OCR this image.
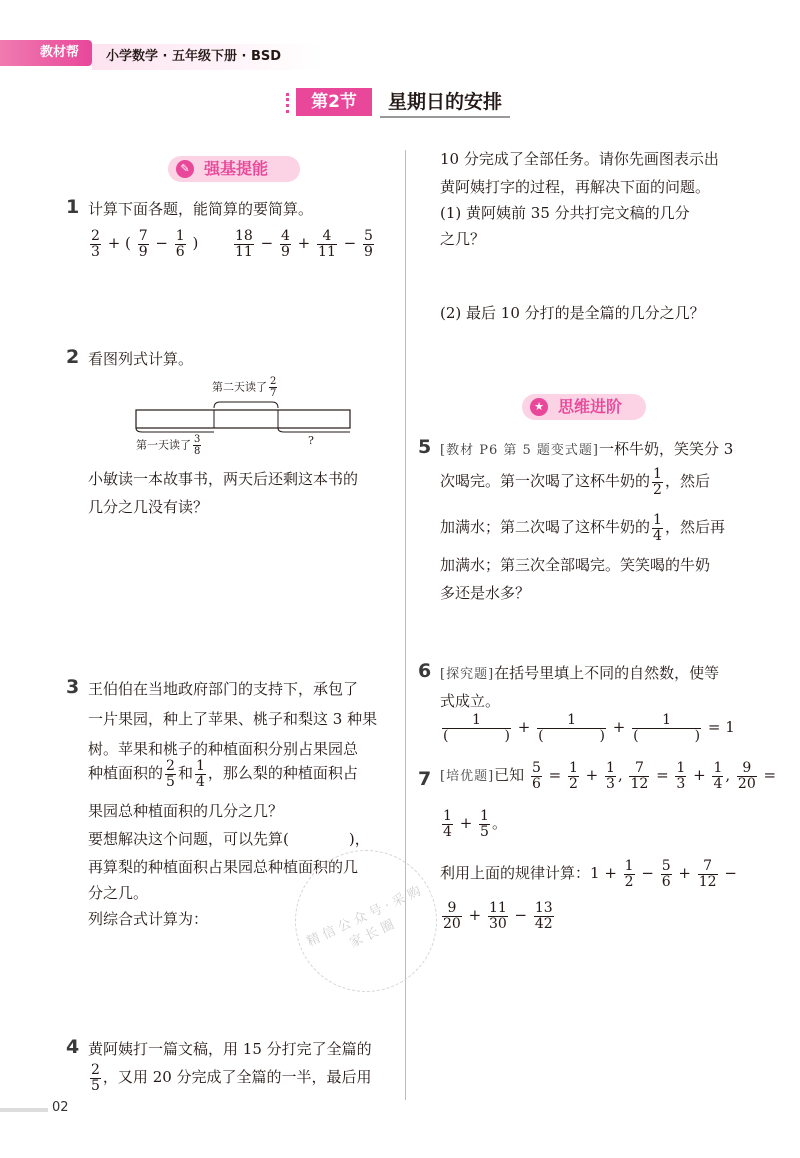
教材帮	小学数学 · 五年级下册 · BSD
第2节	星期日的安排
✎ 强基提能
1 计算下面各题，能简算的要简算。
$\frac{2}{3}$ + ( $\frac{7}{9} - \frac{1}{6}$ )	$\frac{18}{11} - \frac{4}{9} + \frac{4}{11} - \frac{5}{9}$
2 看图列式计算。
第二天读了 $\frac{2}{7}$
第一天读了 $\frac{3}{8}$	?
小敏读一本故事书，两天后还剩这本书的
几分之几没有读？
3 王伯伯在当地政府部门的支持下，承包了
一片果园，种上了苹果、桃子和梨这 3 种果
树。苹果和桃子的种植面积分别占果园总
种植面积的 $\frac{2}{5}$ 和 $\frac{1}{4}$ ，那么梨的种植面积占
果园总种植面积的几分之几？
要想解决这个问题，可以先算(　　　　)，
再算梨的种植面积占果园总种植面积的几
分之几。
列综合式计算为：	精 信 公 众 号 · 采 购 家 长 圈
4 黄阿姨打一篇文稿，用 15 分打完了全篇的
$\frac{2}{5}$ ，又用 20 分完成了全篇的一半，最后用
10 分完成了全部任务。请你先画图表示出
黄阿姨打字的过程，再解决下面的问题。
(1) 黄阿姨前 35 分共打完文稿的几分
之几？
(2) 最后 10 分打的是全篇的几分之几？
★ 思维进阶
5 [教材 P6 第 5 题变式题]一杯牛奶，笑笑分 3
次喝完。第一次喝了这杯牛奶的 $\frac{1}{2}$ ，然后
加满水；第二次喝了这杯牛奶的 $\frac{1}{4}$ ，然后再
加满水；第三次全部喝完。笑笑喝的牛奶
多还是水多？
6 [探究题]在括号里填上不同的自然数，使等
式成立。
$\frac{1}{( )} + \frac{1}{( )} + \frac{1}{( )} = 1$
7 [培优题]已知 $\frac{5}{6} = \frac{1}{2} + \frac{1}{3}$ , $\frac{7}{12} = \frac{1}{3} + \frac{1}{4}$ , $\frac{9}{20}$ =
$\frac{1}{4} + \frac{1}{5}$ 。
利用上面的规律计算：$1 + \frac{1}{2} - \frac{5}{6} + \frac{7}{12}$ −
$\frac{9}{20} + \frac{11}{30} - \frac{13}{42}$
02
